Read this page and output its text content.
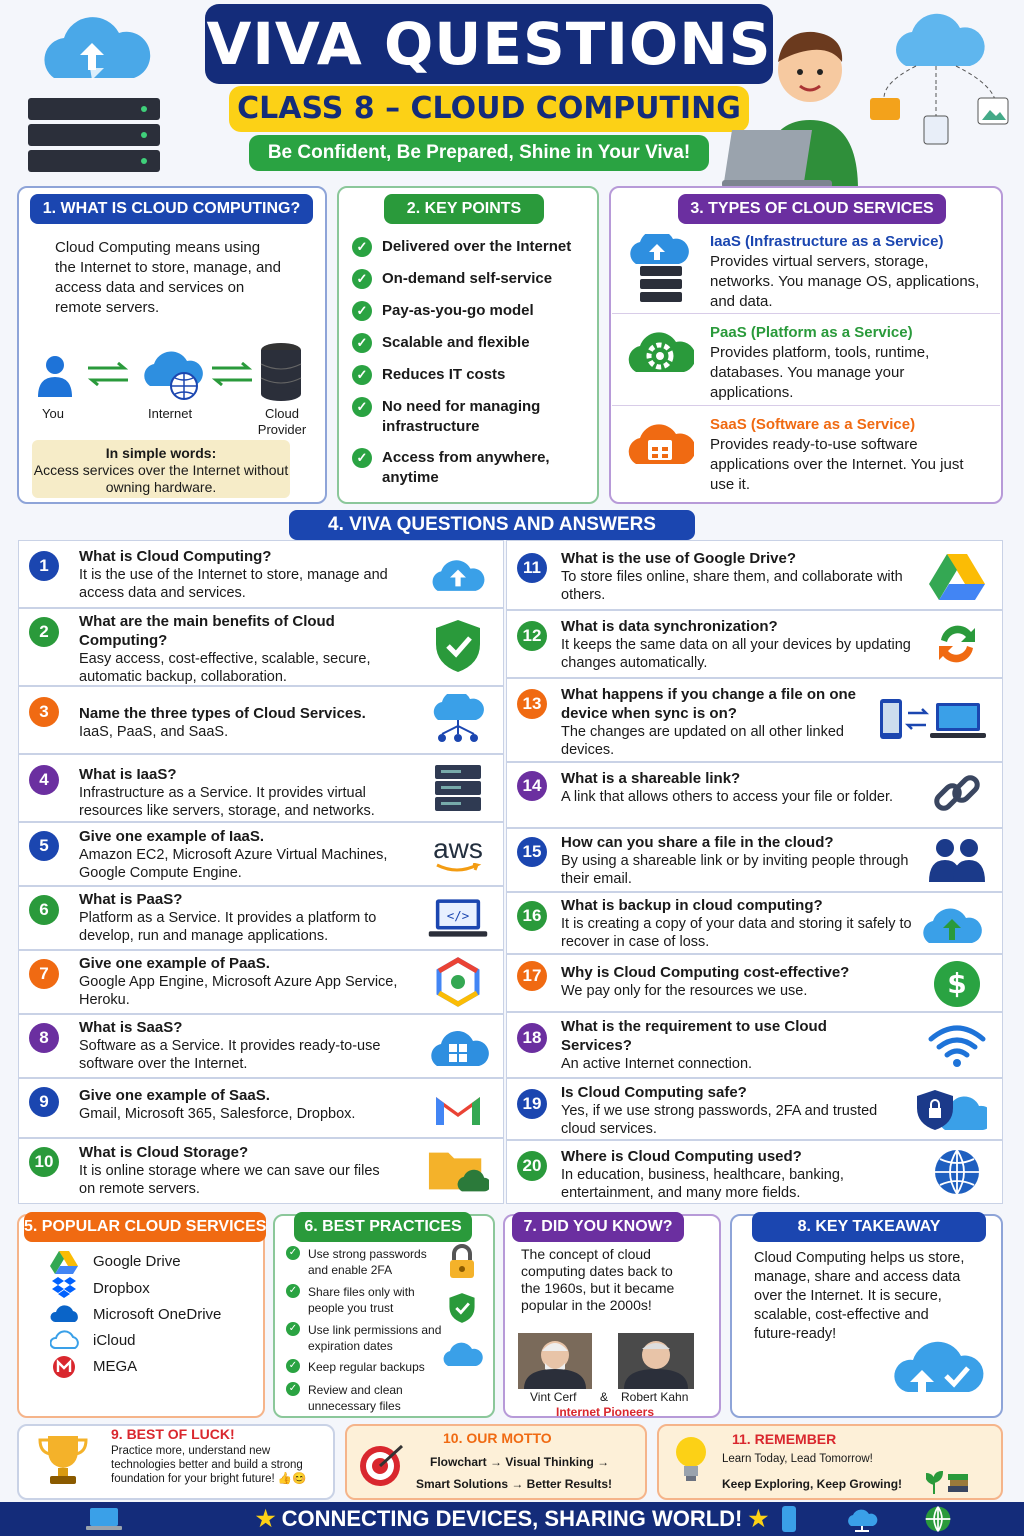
VIVA QUESTIONS
CLASS 8 – CLOUD COMPUTING
Be Confident, Be Prepared, Shine in Your Viva!
1. WHAT IS CLOUD COMPUTING?
Cloud Computing means using the Internet to store, manage, and access data and services on remote servers.
You	Internet	Cloud Provider
In simple words:
Access services over the Internet without owning hardware.
2. KEY POINTS
✓ Delivered over the Internet
✓ On-demand self-service
✓ Pay-as-you-go model
✓ Scalable and flexible
✓ Reduces IT costs
✓ No need for managing infrastructure
✓ Access from anywhere, anytime
3. TYPES OF CLOUD SERVICES
IaaS (Infrastructure as a Service)
Provides virtual servers, storage, networks. You manage OS, applications, and data.
PaaS (Platform as a Service)
Provides platform, tools, runtime, databases. You manage your applications.
SaaS (Software as a Service)
Provides ready-to-use software applications over the Internet. You just use it.
4. VIVA QUESTIONS AND ANSWERS
1	What is Cloud Computing?
It is the use of the Internet to store, manage and access data and services.
2
What are the main benefits of Cloud Computing?
Easy access, cost-effective, scalable, secure, automatic backup, collaboration.
3	Name the three types of Cloud Services.
IaaS, PaaS, and SaaS.
4	What is IaaS?
Infrastructure as a Service. It provides virtual resources like servers, storage, and networks.
5	Give one example of IaaS.
Amazon EC2, Microsoft Azure Virtual Machines, Google Compute Engine.
aws
6
What is PaaS?
Platform as a Service. It provides a platform to develop, run and manage applications.
</>
7
Give one example of PaaS.
Google App Engine, Microsoft Azure App Service, Heroku.
8
What is SaaS?
Software as a Service. It provides ready-to-use software over the Internet.
9	Give one example of SaaS.
Gmail, Microsoft 365, Salesforce, Dropbox.
10	What is Cloud Storage?
It is online storage where we can save our files on remote servers.
11	What is the use of Google Drive?
To store files online, share them, and collaborate with others.
12	What is data synchronization?
It keeps the same data on all your devices by updating changes automatically.
13	What happens if you change a file on one device when sync is on?
The changes are updated on all other linked devices.
14	What is a shareable link?
A link that allows others to access your file or folder.
15	How can you share a file in the cloud?
By using a shareable link or by inviting people through their email.
16
What is backup in cloud computing?
It is creating a copy of your data and storing it safely to recover in case of loss.
17	Why is Cloud Computing cost-effective?
We pay only for the resources we use.	$
18
What is the requirement to use Cloud Services?
An active Internet connection.
19
Is Cloud Computing safe?
Yes, if we use strong passwords, 2FA and trusted cloud services.
20	Where is Cloud Computing used?
In education, business, healthcare, banking, entertainment, and many more fields.
5. POPULAR CLOUD SERVICES
Google Drive
Dropbox
Microsoft OneDrive
iCloud
MEGA
6. BEST PRACTICES
✓ Use strong passwords and enable 2FA
✓ Share files only with people you trust
✓ Use link permissions and expiration dates
✓ Keep regular backups
✓ Review and clean unnecessary files
7. DID YOU KNOW?
The concept of cloud computing dates back to the 1960s, but it became popular in the 2000s!
Vint Cerf & Robert Kahn
Internet Pioneers
8. KEY TAKEAWAY
Cloud Computing helps us store, manage, share and access data over the Internet. It is secure, scalable, cost-effective and future-ready!
9. BEST OF LUCK!
Practice more, understand new technologies better and build a strong foundation for your bright future! 👍😊
10. OUR MOTTO
Flowchart → Visual Thinking →
Smart Solutions → Better Results!
11. REMEMBER
Learn Today, Lead Tomorrow!
Keep Exploring, Keep Growing!
★ CONNECTING DEVICES, SHARING WORLD! ★
